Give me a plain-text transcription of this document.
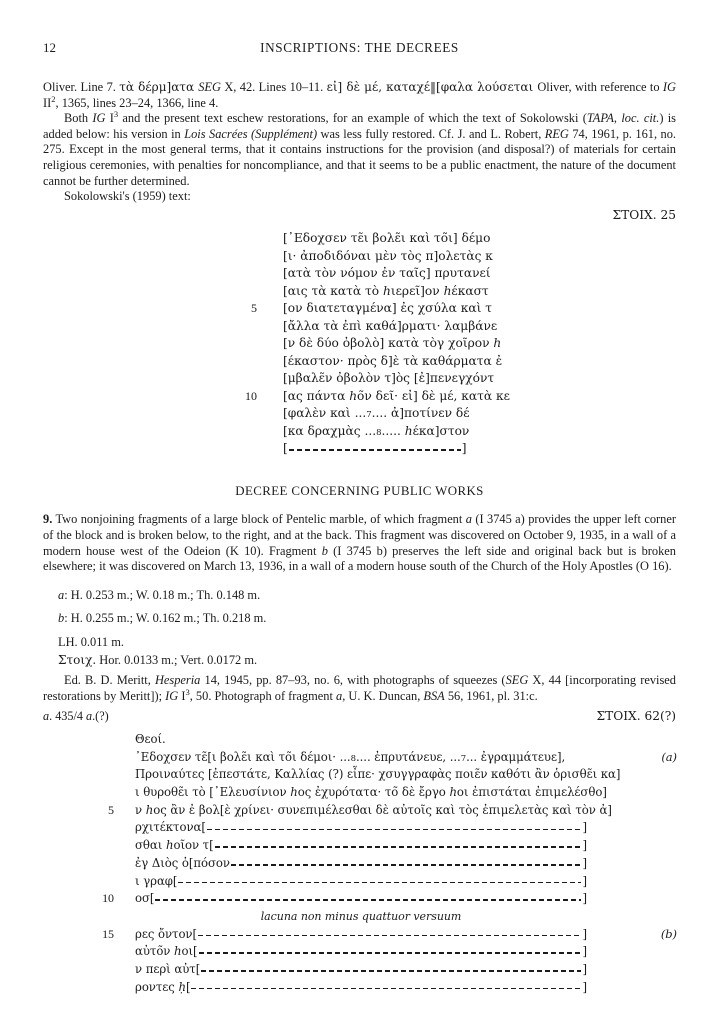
12	INSCRIPTIONS: THE DECREES

Oliver. Line 7. τὰ δέρμ]ατα SEG X, 42. Lines 10–11. εἰ] δὲ μέ, καταχέ‖[φαλα λούσεται Oliver, with reference to IG $II^2$, 1365, lines 23–24, 1366, line 4.

Both IG $I^3$ and the present text eschew restorations, for an example of which the text of Sokolowski (TAPA, loc. cit.) is added below: his version in Lois Sacrées (Supplément) was less fully restored. Cf. J. and L. Robert, REG 74, 1961, p. 161, no. 275. Except in the most general terms, that it contains instructions for the provision (and disposal?) of materials for certain religious ceremonies, with penalties for noncompliance, and that it seems to be a public enactment, the nature of the document cannot be further determined.

Sokolowski's (1959) text:

ΣΤΟΙΧ. 25
[᾿Εδοχσεν τε̃ι βολε̃ι καὶ το̃ι] δέμο
[ι· ἀποδιδόναι μὲν τὸς π]ολετὰς κ
[ατὰ τὸν νόμον ἐν ταῖς] πρυτανεί
[αις τὰ κατὰ τὸ h ιερεῖ]ον h έκαστ
5 [ον διατεταγμένα] ἐς χσύλα καὶ τ
[ἄλλα τὰ ἐπὶ καθά]ρματι· λαμβάνε
[ν δὲ δύο ὀβολὸ] κατὰ τὸγ χοῖρον h
[έκαστον· πρὸς δ]ὲ τὰ καθάρματα ἐ
[μβαλε̃ν ὀβολὸν τ]ὸς [ἐ]πενεγχόντ
10 [ας πάντα h ο̃ν δεῖ· εἰ] δὲ μέ, κατὰ κε
[φαλὲν καὶ ... 7 .... ἀ]ποτίνεν δέ
[κα δραχμὰς ... 8 ..... h έκα]στον
[	]
DECREE CONCERNING PUBLIC WORKS

9. Two nonjoining fragments of a large block of Pentelic marble, of which fragment a (I 3745 a) provides the upper left corner of the block and is broken below, to the right, and at the back. This fragment was discovered on October 9, 1935, in a wall of a modern house west of the Odeion (K 10). Fragment b (I 3745 b) preserves the left side and original back but is broken elsewhere; it was discovered on March 13, 1936, in a wall of a modern house south of the Church of the Holy Apostles (O 16).

a: H. 0.253 m.; W. 0.18 m.; Th. 0.148 m.

b: H. 0.255 m.; W. 0.162 m.; Th. 0.218 m.

LH. 0.011 m.

Στοιχ. Hor. 0.0133 m.; Vert. 0.0172 m.

Ed. B. D. Meritt, Hesperia 14, 1945, pp. 87–93, no. 6, with photographs of squeezes (SEG X, 44 [incorporating revised restorations by Meritt]); IG $I^3$, 50. Photograph of fragment a, U. K. Duncan, BSA 56, 1961, pl. 31:c.

a. 435/4 a.(?)	ΣΤΟΙΧ. 62(?)
Θεοί.
᾿Εδοχσεν τε̃[ι βολε̃ι καὶ το̃ι δέμοι· ... 8 .... ἐπρυτάνευε, ... 7 ... ἐγραμμάτευε],	(a)
Προιναύτες [ἐπεστάτε, Καλλίας (?) εἶπε· χσυγγραφὰς ποιε̃ν καθότι ἂν ὁρισθε̃ι κα]
ι θυροθε̃ι τὸ [᾿Ελευσίνιον h ος ἐχυρότατα· το̃ δὲ ἔργο h οι ἐπιστάται ἐπιμελέσθο]
5 ν h ος ἂν ἐ βολ[ὲ χρίνει· συνεπιμέλεσθαι δὲ αὐτοῖς καὶ τὸς ἐπιμελετὰς καὶ τὸν ἀ]
ρχιτέκτονα[	]
σθαι hοῖον τ[	]
ἐγ Διὸς ὁ[πόσον	]
ι γραφ[	]
10 οσ[	]
lacuna non minus quattuor versuum
15 ρες ὄντον[	]	(b)
αὐτο̃ν hοι[	]
ν περὶ αὐτ[	]
ροντες ḥ[	]
